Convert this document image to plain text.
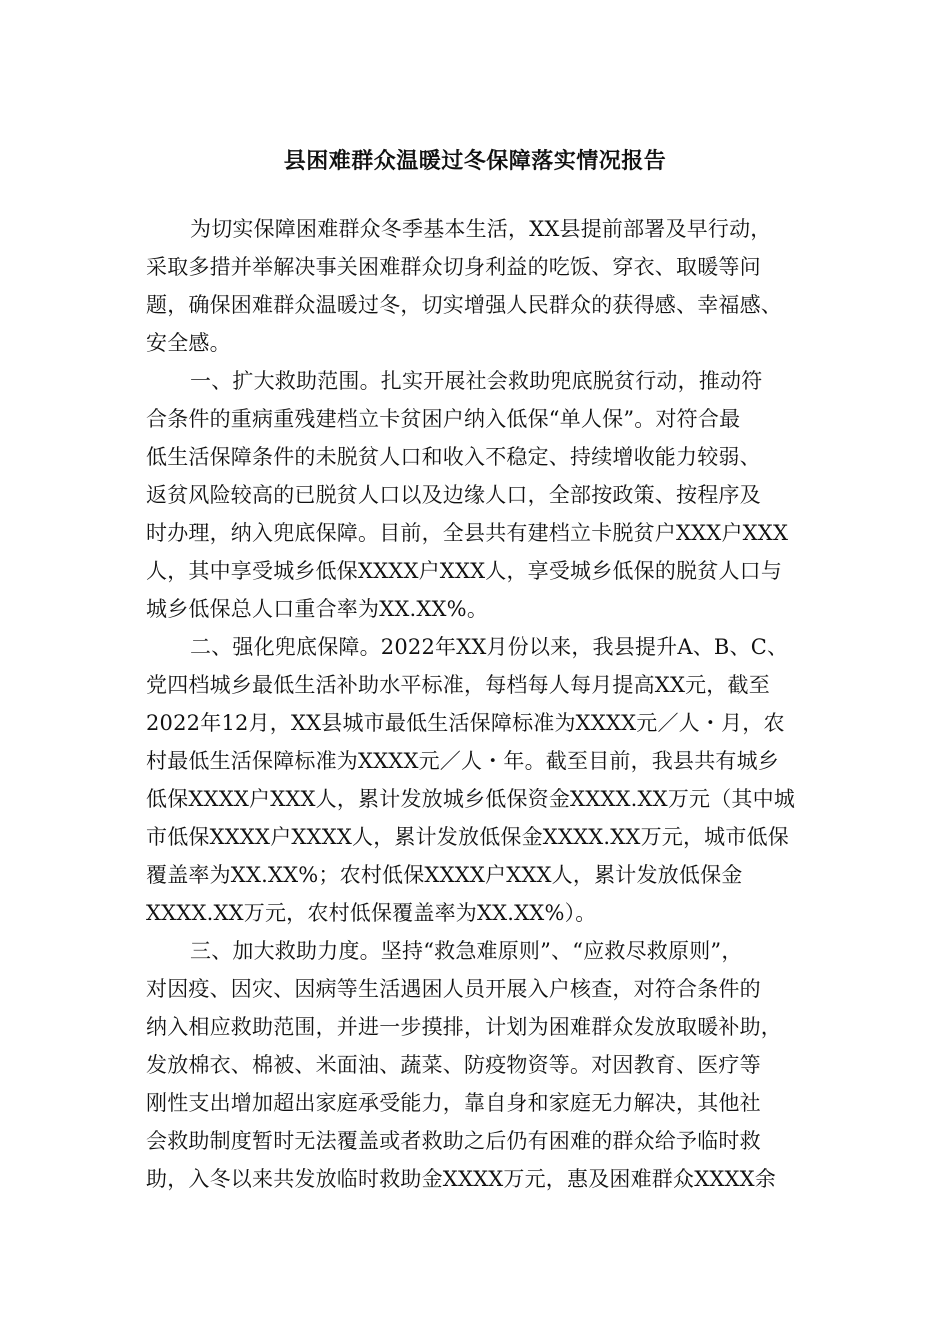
县困难群众温暖过冬保障落实情况报告
为切实保障困难群众冬季基本生活，XX县提前部署及早行动，
采取多措并举解决事关困难群众切身利益的吃饭、穿衣、取暖等问
题，确保困难群众温暖过冬，切实增强人民群众的获得感、幸福感、
安全感。
一、扩大救助范围。扎实开展社会救助兜底脱贫行动，推动符
合条件的重病重残建档立卡贫困户纳入低保“单人保”。对符合最
低生活保障条件的未脱贫人口和收入不稳定、持续增收能力较弱、
返贫风险较高的已脱贫人口以及边缘人口，全部按政策、按程序及
时办理，纳入兜底保障。目前，全县共有建档立卡脱贫户XXX户XXX
人，其中享受城乡低保XXXX户XXX人，享受城乡低保的脱贫人口与
城乡低保总人口重合率为XX.XX%。
二、强化兜底保障。2022年XX月份以来，我县提升A、B、C、
党四档城乡最低生活补助水平标准，每档每人每月提高XX元，截至
2022年12月，XX县城市最低生活保障标准为XXXX元／人・月，农
村最低生活保障标准为XXXX元／人・年。截至目前，我县共有城乡
低保XXXX户XXX人，累计发放城乡低保资金XXXX.XX万元（其中城
市低保XXXX户XXXX人，累计发放低保金XXXX.XX万元，城市低保
覆盖率为XX.XX%；农村低保XXXX户XXX人，累计发放低保金
XXXX.XX万元，农村低保覆盖率为XX.XX%）。
三、加大救助力度。坚持“救急难原则”、“应救尽救原则”，
对因疫、因灾、因病等生活遇困人员开展入户核查，对符合条件的
纳入相应救助范围，并进一步摸排，计划为困难群众发放取暖补助，
发放棉衣、棉被、米面油、蔬菜、防疫物资等。对因教育、医疗等
刚性支出增加超出家庭承受能力，靠自身和家庭无力解决，其他社
会救助制度暂时无法覆盖或者救助之后仍有困难的群众给予临时救
助，入冬以来共发放临时救助金XXXX万元，惠及困难群众XXXX余
